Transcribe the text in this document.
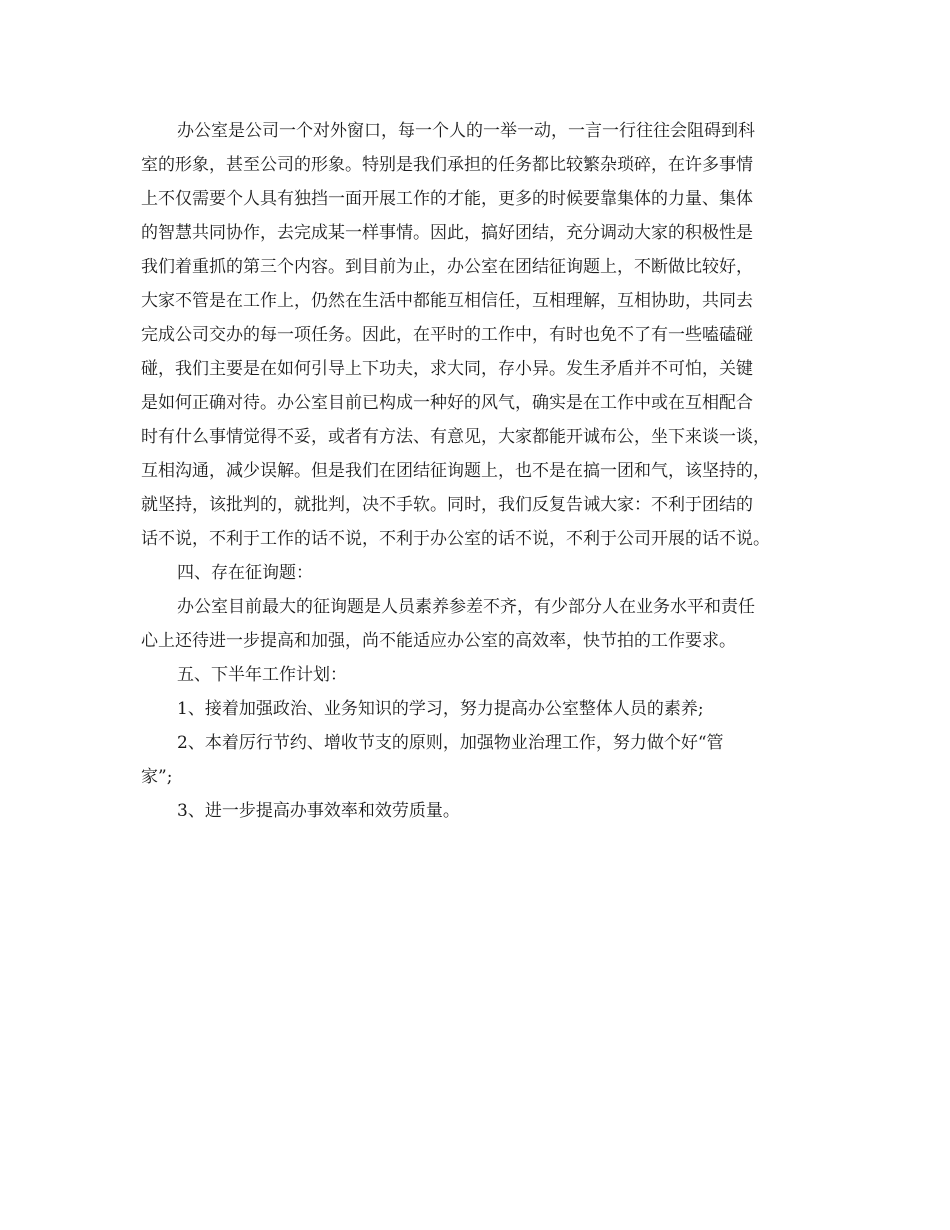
办公室是公司一个对外窗口，每一个人的一举一动，一言一行往往会阻碍到科
室的形象，甚至公司的形象。特别是我们承担的任务都比较繁杂琐碎，在许多事情
上不仅需要个人具有独挡一面开展工作的才能，更多的时候要靠集体的力量、集体
的智慧共同协作，去完成某一样事情。因此，搞好团结，充分调动大家的积极性是
我们着重抓的第三个内容。到目前为止，办公室在团结征询题上，不断做比较好，
大家不管是在工作上，仍然在生活中都能互相信任，互相理解，互相协助，共同去
完成公司交办的每一项任务。因此，在平时的工作中，有时也免不了有一些嗑磕碰
碰，我们主要是在如何引导上下功夫，求大同，存小异。发生矛盾并不可怕，关键
是如何正确对待。办公室目前已构成一种好的风气，确实是在工作中或在互相配合
时有什么事情觉得不妥，或者有方法、有意见，大家都能开诚布公，坐下来谈一谈，
互相沟通，减少误解。但是我们在团结征询题上，也不是在搞一团和气，该坚持的，
就坚持，该批判的，就批判，决不手软。同时，我们反复告诫大家：不利于团结的
话不说，不利于工作的话不说，不利于办公室的话不说，不利于公司开展的话不说。
四、存在征询题：
办公室目前最大的征询题是人员素养参差不齐，有少部分人在业务水平和责任
心上还待进一步提高和加强，尚不能适应办公室的高效率，快节拍的工作要求。
五、下半年工作计划：
1、接着加强政治、业务知识的学习，努力提高办公室整体人员的素养;
2、本着厉行节约、增收节支的原则，加强物业治理工作，努力做个好“管
家”;
3、进一步提高办事效率和效劳质量。
